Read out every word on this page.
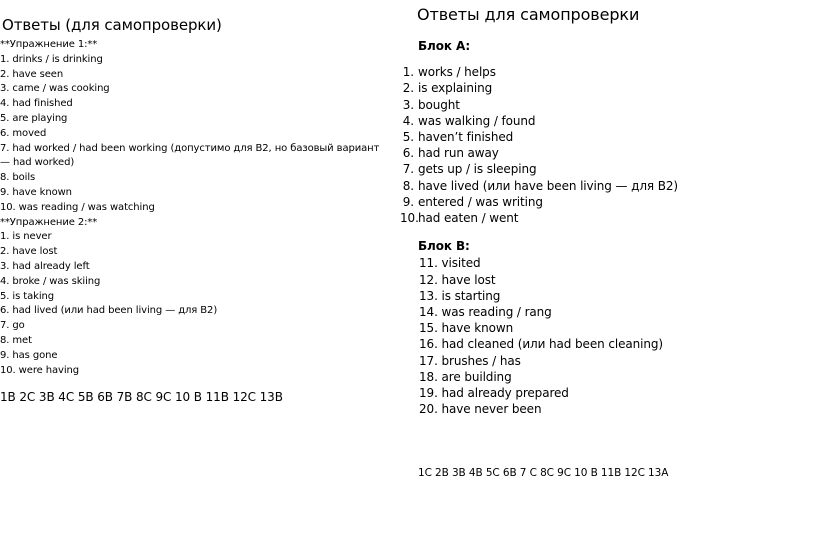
Ответы (для самопроверки)
**Упражнение 1:**
1. drinks / is drinking
2. have seen
3. came / was cooking
4. had finished
5. are playing
6. moved
7. had worked / had been working (допустимо для B2, но базовый вариант — had worked)
8. boils
9. have known
10. was reading / was watching
**Упражнение 2:**
1. is never
2. have lost
3. had already left
4. broke / was skiing
5. is taking
6. had lived (или had been living — для B2)
7. go
8. met
9. has gone
10. were having
1B 2C 3B 4C 5B 6B 7B 8C 9C 10 B 11B 12C 13B
Ответы для самопроверки
Блок A:
1. works / helps
2. is explaining
3. bought
4. was walking / found
5. haven’t finished
6. had run away
7. gets up / is sleeping
8. have lived (или have been living — для B2)
9. entered / was writing
10. had eaten / went
Блок B:
11. visited
12. have lost
13. is starting
14. was reading / rang
15. have known
16. had cleaned (или had been cleaning)
17. brushes / has
18. are building
19. had already prepared
20. have never been
1C 2B 3B 4B 5C 6B 7 C 8C 9C 10 B 11B 12C 13A
